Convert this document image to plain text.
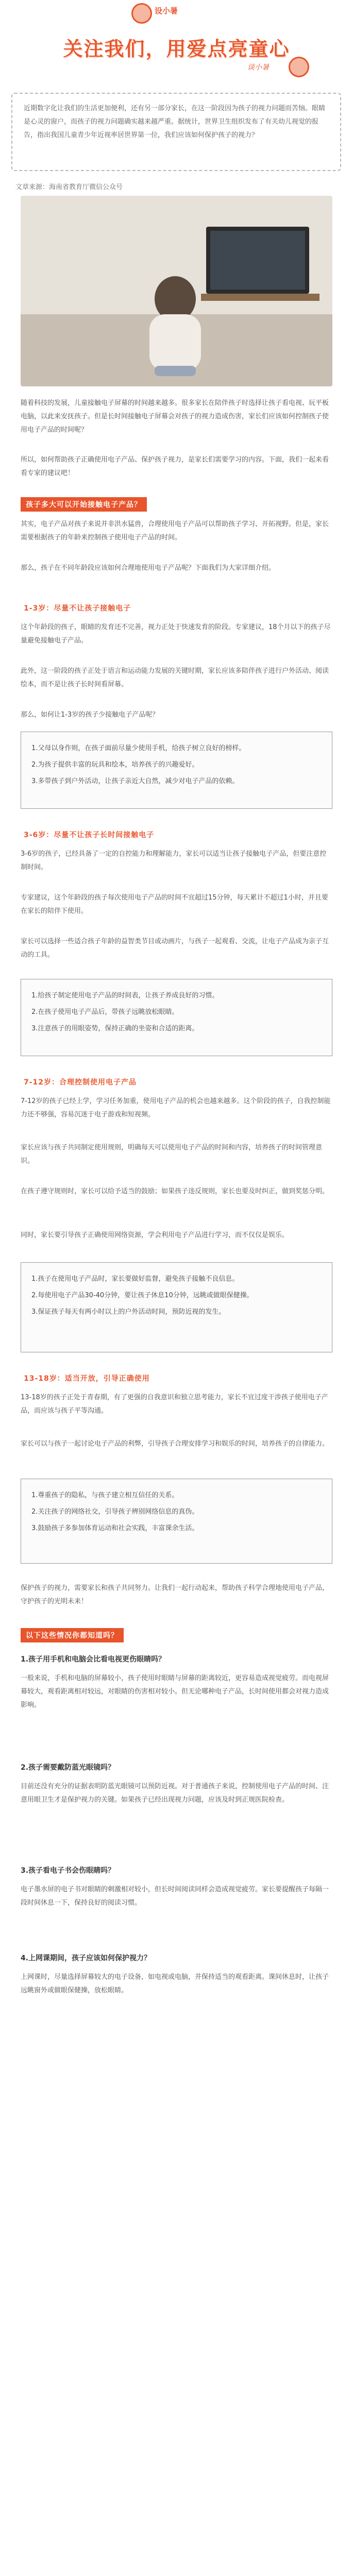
设小暑
关注我们，用爱点亮童心
谈小暑
近期数字化让我们的生活更加便利，还有另一部分家长，在这一阶段因为孩子的视力问题而苦恼。眼睛是心灵的窗户，而孩子的视力问题确实越来越严重。据统计，世界卫生组织发布了有关幼儿视觉的报告，指出我国儿童青少年近视率居世界第一位，我们应该如何保护孩子的视力？
文章来源：海南省教育厅微信公众号
随着科技的发展，儿童接触电子屏幕的时间越来越多。很多家长在陪伴孩子时选择让孩子看电视、玩平板电脑，以此来安抚孩子。但是长时间接触电子屏幕会对孩子的视力造成伤害，家长们应该如何控制孩子使用电子产品的时间呢？
所以，如何帮助孩子正确使用电子产品、保护孩子视力，是家长们需要学习的内容。下面，我们一起来看看专家的建议吧！
孩子多大可以开始接触电子产品？
其实，电子产品对孩子来说并非洪水猛兽，合理使用电子产品可以帮助孩子学习、开拓视野。但是，家长需要根据孩子的年龄来控制孩子使用电子产品的时间。
那么，孩子在不同年龄段应该如何合理地使用电子产品呢？下面我们为大家详细介绍。
1-3岁：尽量不让孩子接触电子
这个年龄段的孩子，眼睛的发育还不完善，视力正处于快速发育的阶段。专家建议，18个月以下的孩子尽量避免接触电子产品。
此外，这一阶段的孩子正处于语言和运动能力发展的关键时期，家长应该多陪伴孩子进行户外活动、阅读绘本，而不是让孩子长时间看屏幕。
那么，如何让1-3岁的孩子少接触电子产品呢？
1.父母以身作则，在孩子面前尽量少使用手机，给孩子树立良好的榜样。
2.为孩子提供丰富的玩具和绘本，培养孩子的兴趣爱好。
3.多带孩子到户外活动，让孩子亲近大自然，减少对电子产品的依赖。
3-6岁：尽量不让孩子长时间接触电子
3-6岁的孩子，已经具备了一定的自控能力和理解能力，家长可以适当让孩子接触电子产品，但要注意控制时间。
专家建议，这个年龄段的孩子每次使用电子产品的时间不宜超过15分钟，每天累计不超过1小时，并且要在家长的陪伴下使用。
家长可以选择一些适合孩子年龄的益智类节目或动画片，与孩子一起观看、交流，让电子产品成为亲子互动的工具。
1.给孩子制定使用电子产品的时间表，让孩子养成良好的习惯。
2.在孩子使用电子产品后，带孩子远眺放松眼睛。
3.注意孩子的用眼姿势，保持正确的坐姿和合适的距离。
7-12岁：合理控制使用电子产品
7-12岁的孩子已经上学，学习任务加重，使用电子产品的机会也越来越多。这个阶段的孩子，自我控制能力还不够强，容易沉迷于电子游戏和短视频。
家长应该与孩子共同制定使用规则，明确每天可以使用电子产品的时间和内容，培养孩子的时间管理意识。
在孩子遵守规则时，家长可以给予适当的鼓励；如果孩子违反规则，家长也要及时纠正，做到奖惩分明。
同时，家长要引导孩子正确使用网络资源，学会利用电子产品进行学习，而不仅仅是娱乐。
1.孩子在使用电子产品时，家长要做好监督，避免孩子接触不良信息。
2.每使用电子产品30-40分钟，要让孩子休息10分钟，远眺或做眼保健操。
3.保证孩子每天有两小时以上的户外活动时间，预防近视的发生。
13-18岁：适当开放，引导正确使用
13-18岁的孩子正处于青春期，有了更强的自我意识和独立思考能力，家长不宜过度干涉孩子使用电子产品，而应该与孩子平等沟通。
家长可以与孩子一起讨论电子产品的利弊，引导孩子合理安排学习和娱乐的时间，培养孩子的自律能力。
1.尊重孩子的隐私，与孩子建立相互信任的关系。
2.关注孩子的网络社交，引导孩子辨别网络信息的真伪。
3.鼓励孩子多参加体育运动和社会实践，丰富课余生活。
保护孩子的视力，需要家长和孩子共同努力。让我们一起行动起来，帮助孩子科学合理地使用电子产品，守护孩子的光明未来！
以下这些情况你都知道吗？
1.孩子用手机和电脑会比看电视更伤眼睛吗？
一般来说，手机和电脑的屏幕较小，孩子使用时眼睛与屏幕的距离较近，更容易造成视觉疲劳。而电视屏幕较大，观看距离相对较远，对眼睛的伤害相对较小。但无论哪种电子产品，长时间使用都会对视力造成影响。
2.孩子需要戴防蓝光眼镜吗？
目前还没有充分的证据表明防蓝光眼镜可以预防近视。对于普通孩子来说，控制使用电子产品的时间、注意用眼卫生才是保护视力的关键。如果孩子已经出现视力问题，应该及时到正规医院检查。
3.孩子看电子书会伤眼睛吗？
电子墨水屏的电子书对眼睛的刺激相对较小，但长时间阅读同样会造成视觉疲劳。家长要提醒孩子每隔一段时间休息一下，保持良好的阅读习惯。
4.上网课期间，孩子应该如何保护视力？
上网课时，尽量选择屏幕较大的电子设备，如电视或电脑，并保持适当的观看距离。课间休息时，让孩子远眺窗外或做眼保健操，放松眼睛。
